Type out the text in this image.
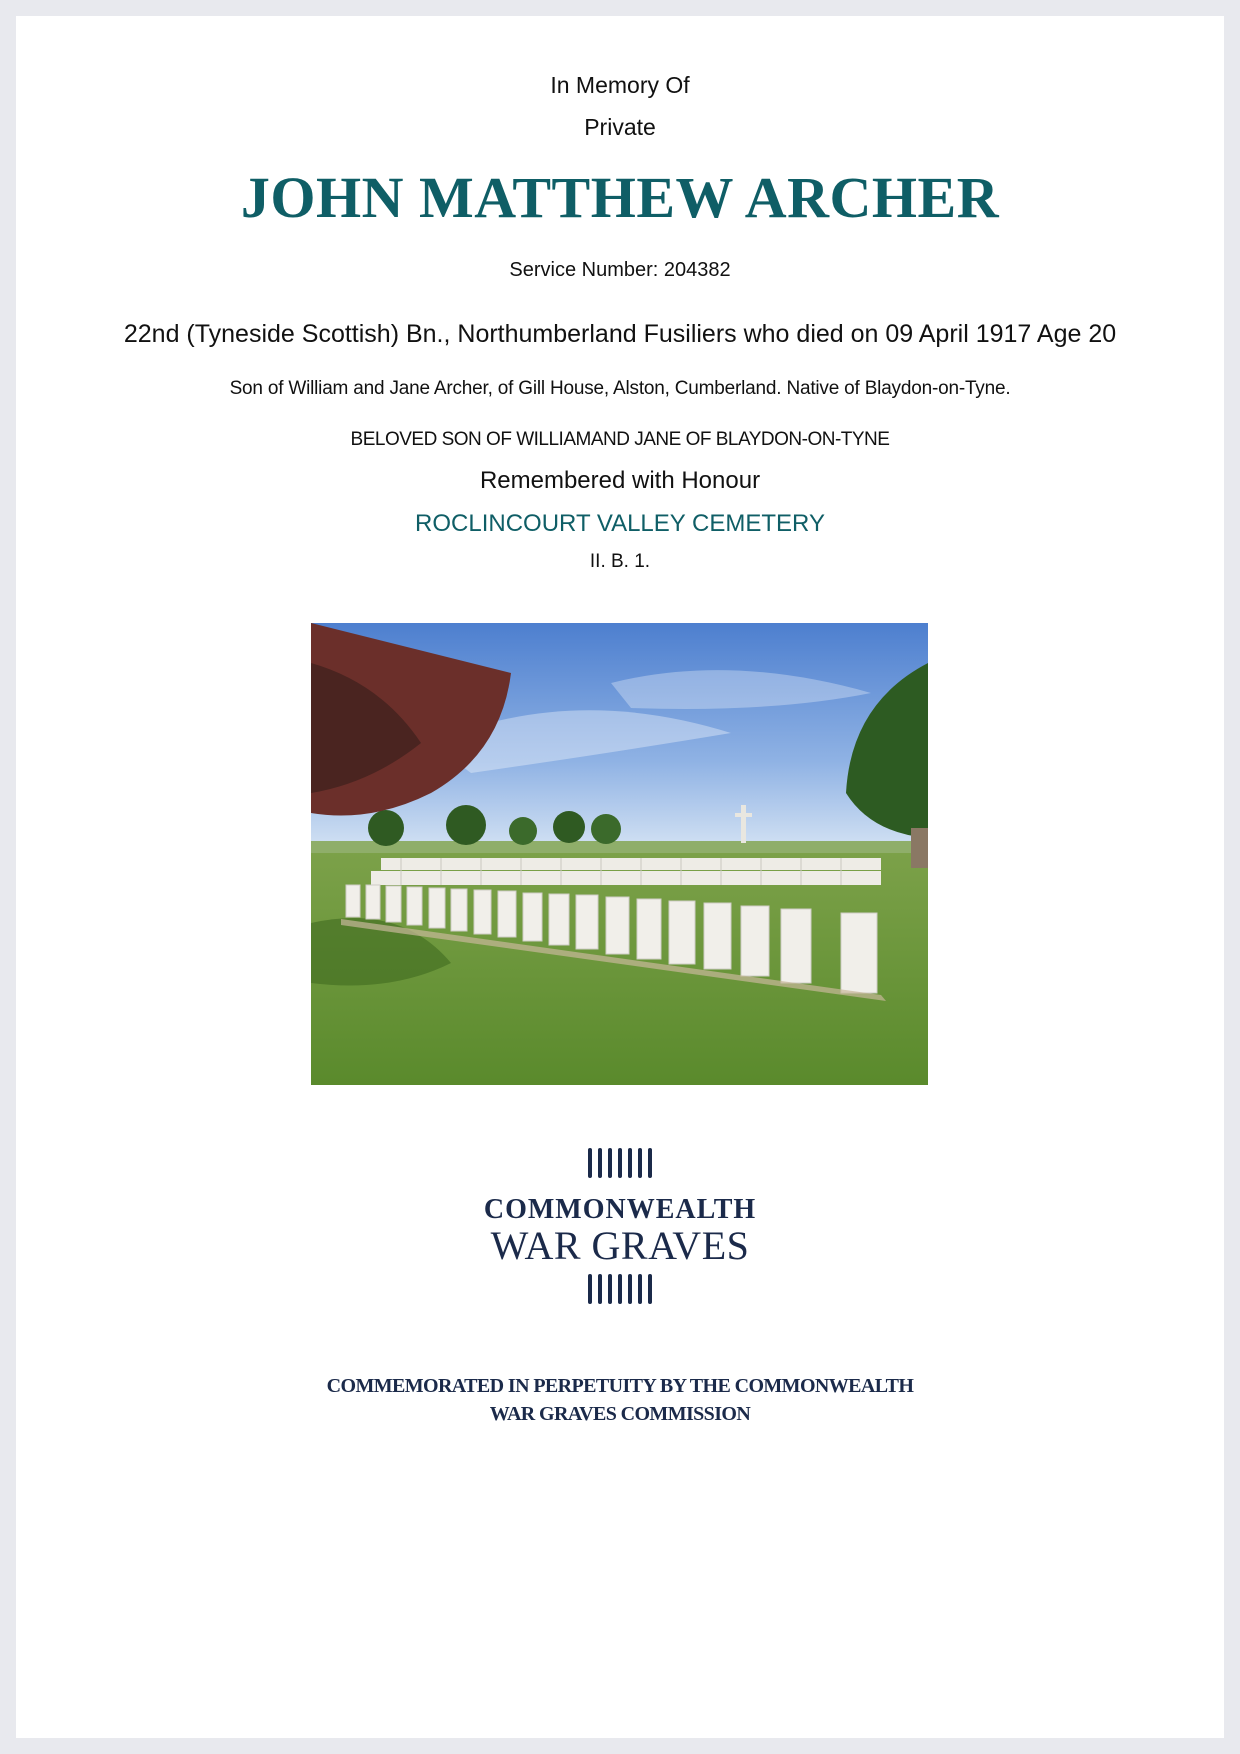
In Memory Of
Private
JOHN MATTHEW ARCHER
Service Number: 204382
22nd (Tyneside Scottish) Bn., Northumberland Fusiliers who died on 09 April 1917 Age 20
Son of William and Jane Archer, of Gill House, Alston, Cumberland. Native of Blaydon-on-Tyne.
BELOVED SON OF WILLIAMAND JANE OF BLAYDON-ON-TYNE
Remembered with Honour
ROCLINCOURT VALLEY CEMETERY
II. B. 1.
COMMONWEALTH
WAR GRAVES
COMMEMORATED IN PERPETUITY BY THE COMMONWEALTH
WAR GRAVES COMMISSION
